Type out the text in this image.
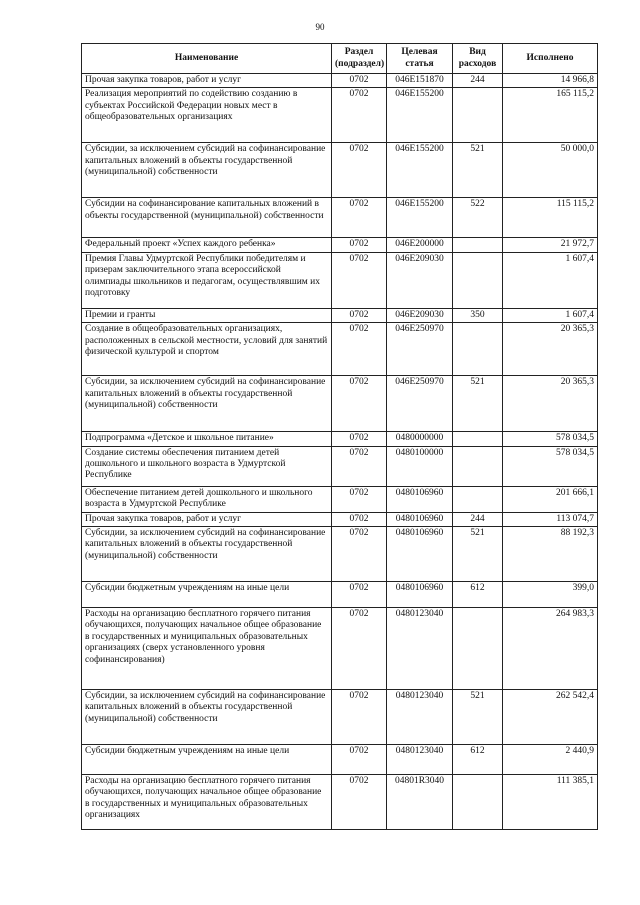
90
Наименование	Раздел (подраздел)	Целевая статья	Вид расходов	Исполнено
Прочая закупка товаров, работ и услуг	0702	046E151870	244	14 966,8
Реализация мероприятий по содействию созданию в субъектах Российской Федерации новых мест в общеобразовательных организациях	0702	046E155200		165 115,2
Субсидии, за исключением субсидий на софинансирование капитальных вложений в объекты государственной (муниципальной) собственности	0702	046E155200	521	50 000,0
Субсидии на софинансирование капитальных вложений в объекты государственной (муниципальной) собственности	0702	046E155200	522	115 115,2
Федеральный проект «Успех каждого ребенка»	0702	046E200000		21 972,7
Премия Главы Удмуртской Республики победителям и призерам заключительного этапа всероссийской олимпиады школьников и педагогам, осуществлявшим их подготовку	0702	046E209030		1 607,4
Премии и гранты	0702	046E209030	350	1 607,4
Создание в общеобразовательных организациях, расположенных в сельской местности, условий для занятий физической культурой и спортом	0702	046E250970		20 365,3
Субсидии, за исключением субсидий на софинансирование капитальных вложений в объекты государственной (муниципальной) собственности	0702	046E250970	521	20 365,3
Подпрограмма «Детское и школьное питание»	0702	0480000000		578 034,5
Создание системы обеспечения питанием детей дошкольного и школьного возраста в Удмуртской Республике	0702	0480100000		578 034,5
Обеспечение питанием детей дошкольного и школьного возраста в Удмуртской Республике	0702	0480106960		201 666,1
Прочая закупка товаров, работ и услуг	0702	0480106960	244	113 074,7
Субсидии, за исключением субсидий на софинансирование капитальных вложений в объекты государственной (муниципальной) собственности	0702	0480106960	521	88 192,3
Субсидии бюджетным учреждениям на иные цели	0702	0480106960	612	399,0
Расходы на организацию бесплатного горячего питания обучающихся, получающих начальное общее образование в государственных и муниципальных образовательных организациях (сверх установленного уровня софинансирования)	0702	0480123040		264 983,3
Субсидии, за исключением субсидий на софинансирование капитальных вложений в объекты государственной (муниципальной) собственности	0702	0480123040	521	262 542,4
Субсидии бюджетным учреждениям на иные цели	0702	0480123040	612	2 440,9
Расходы на организацию бесплатного горячего питания обучающихся, получающих начальное общее образование в государственных и муниципальных образовательных организациях	0702	04801R3040		111 385,1
